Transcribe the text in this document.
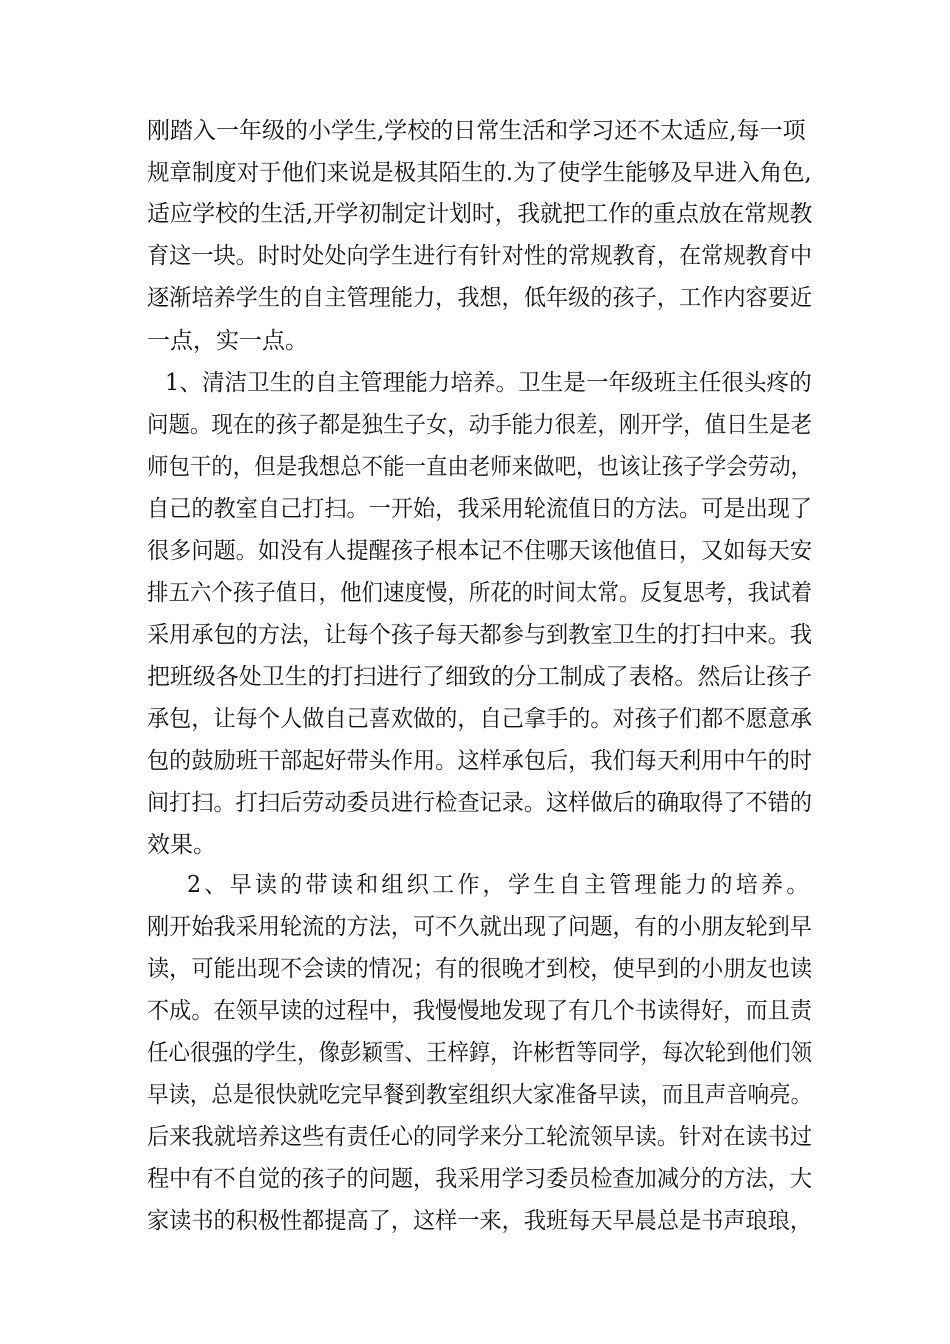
刚踏入一年级的小学生,学校的日常生活和学习还不太适应,每一项
规章制度对于他们来说是极其陌生的.为了使学生能够及早进入角色,
适应学校的生活,开学初制定计划时，我就把工作的重点放在常规教
育这一块。时时处处向学生进行有针对性的常规教育，在常规教育中
逐渐培养学生的自主管理能力，我想，低年级的孩子，工作内容要近
一点，实一点。
1、清洁卫生的自主管理能力培养。卫生是一年级班主任很头疼的
问题。现在的孩子都是独生子女，动手能力很差，刚开学，值日生是老
师包干的，但是我想总不能一直由老师来做吧，也该让孩子学会劳动，
自己的教室自己打扫。一开始，我采用轮流值日的方法。可是出现了
很多问题。如没有人提醒孩子根本记不住哪天该他值日，又如每天安
排五六个孩子值日，他们速度慢，所花的时间太常。反复思考，我试着
采用承包的方法，让每个孩子每天都参与到教室卫生的打扫中来。我
把班级各处卫生的打扫进行了细致的分工制成了表格。然后让孩子
承包，让每个人做自己喜欢做的，自己拿手的。对孩子们都不愿意承
包的鼓励班干部起好带头作用。这样承包后，我们每天利用中午的时
间打扫。打扫后劳动委员进行检查记录。这样做后的确取得了不错的
效果。
2、早读的带读和组织工作，学生自主管理能力的培养。
刚开始我采用轮流的方法，可不久就出现了问题，有的小朋友轮到早
读，可能出现不会读的情况；有的很晚才到校，使早到的小朋友也读
不成。在领早读的过程中，我慢慢地发现了有几个书读得好，而且责
任心很强的学生，像彭颖雪、王梓錞，许彬哲等同学，每次轮到他们领
早读，总是很快就吃完早餐到教室组织大家准备早读，而且声音响亮。
后来我就培养这些有责任心的同学来分工轮流领早读。针对在读书过
程中有不自觉的孩子的问题，我采用学习委员检查加减分的方法，大
家读书的积极性都提高了，这样一来，我班每天早晨总是书声琅琅，
